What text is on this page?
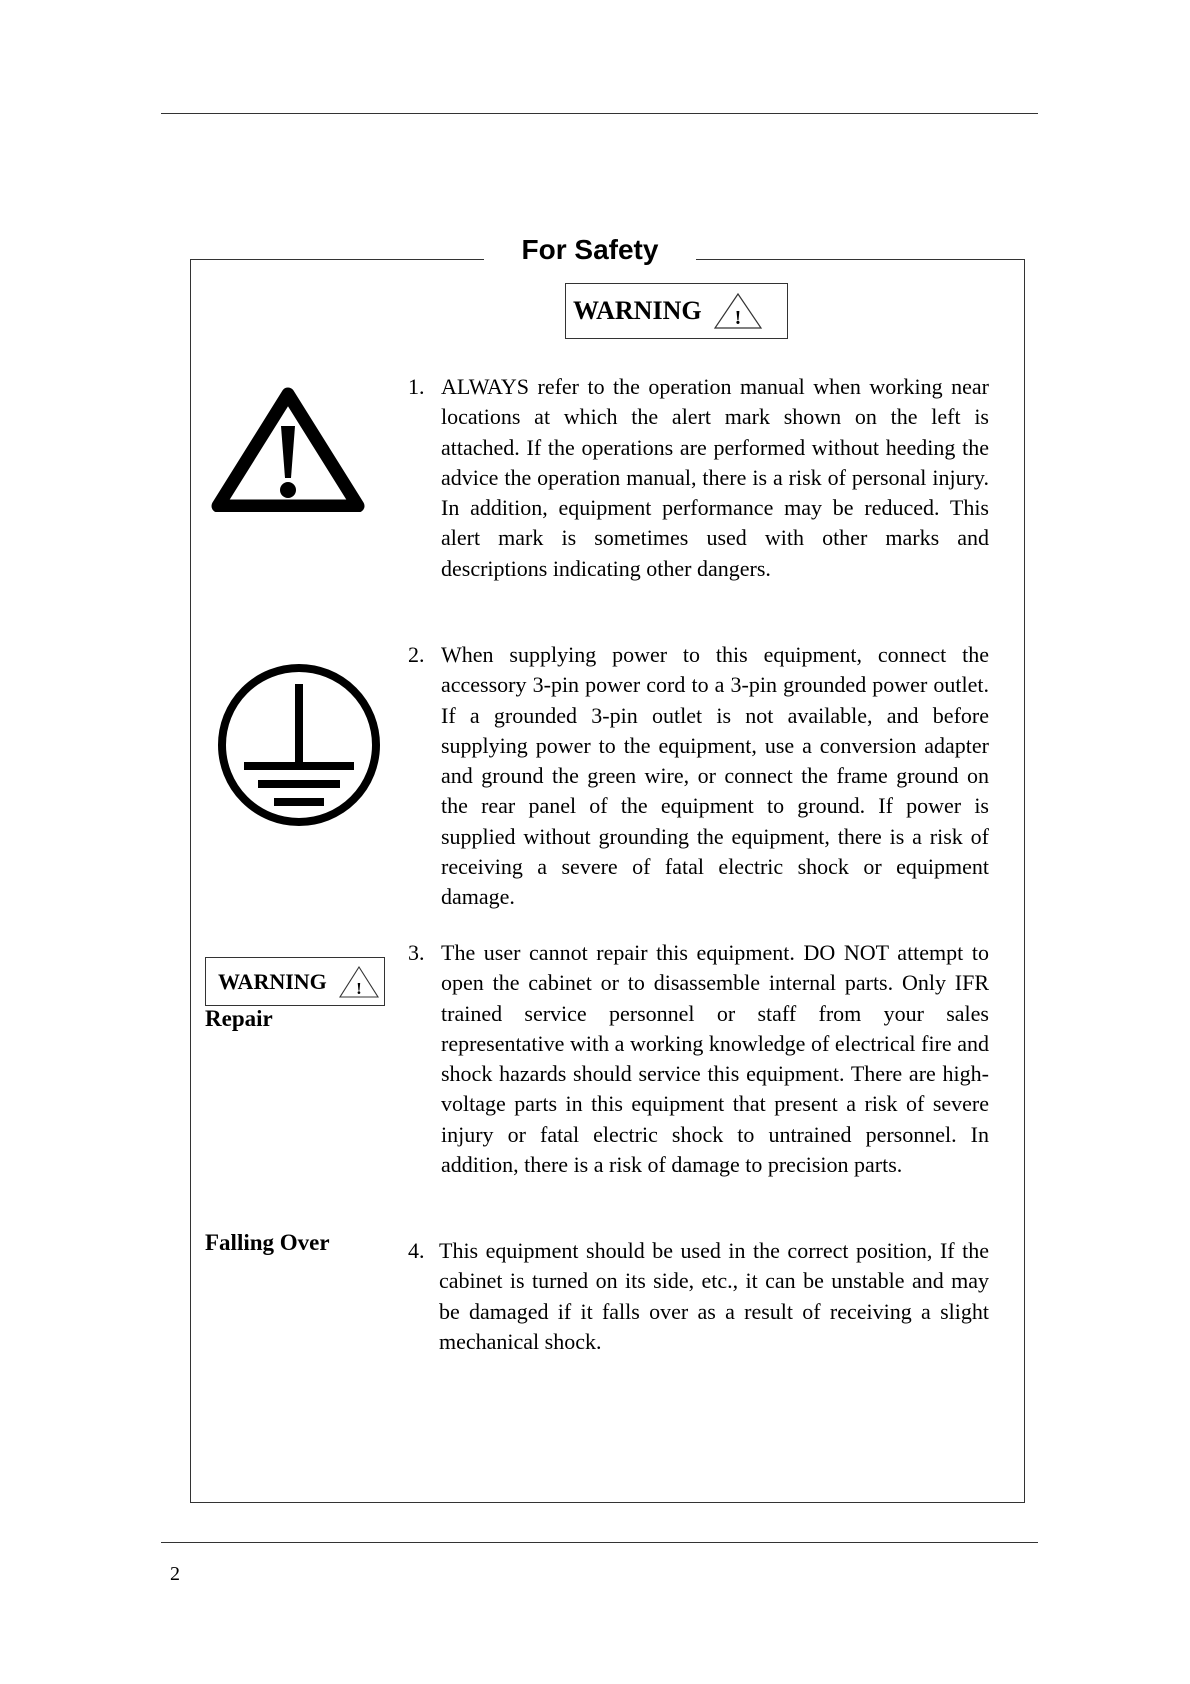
For Safety
WARNING !
WARNING !
Repair
Falling Over
1. ALWAYS refer to the operation manual when working near locations at which the alert mark shown on the left is attached. If the operations are performed without heeding the advice the operation manual, there is a risk of personal injury. In addition, equipment performance may be reduced. This alert mark is sometimes used with other marks and descriptions indicating other dangers.
2. When supplying power to this equipment, connect the accessory 3-pin power cord to a 3-pin grounded power outlet. If a grounded 3-pin outlet is not available, and before supplying power to the equipment, use a conversion adapter and ground the green wire, or connect the frame ground on the rear panel of the equipment to ground. If power is supplied without grounding the equipment, there is a risk of receiving a severe of fatal electric shock or equipment damage.
3. The user cannot repair this equipment. DO NOT attempt to open the cabinet or to disassemble internal parts. Only IFR trained service personnel or staff from your sales representative with a working knowledge of electrical fire and shock hazards should service this equipment. There are high-voltage parts in this equipment that present a risk of severe injury or fatal electric shock to untrained personnel. In addition, there is a risk of damage to precision parts.
4. This equipment should be used in the correct position, If the cabinet is turned on its side, etc., it can be unstable and may be damaged if it falls over as a result of receiving a slight mechanical shock.
2
